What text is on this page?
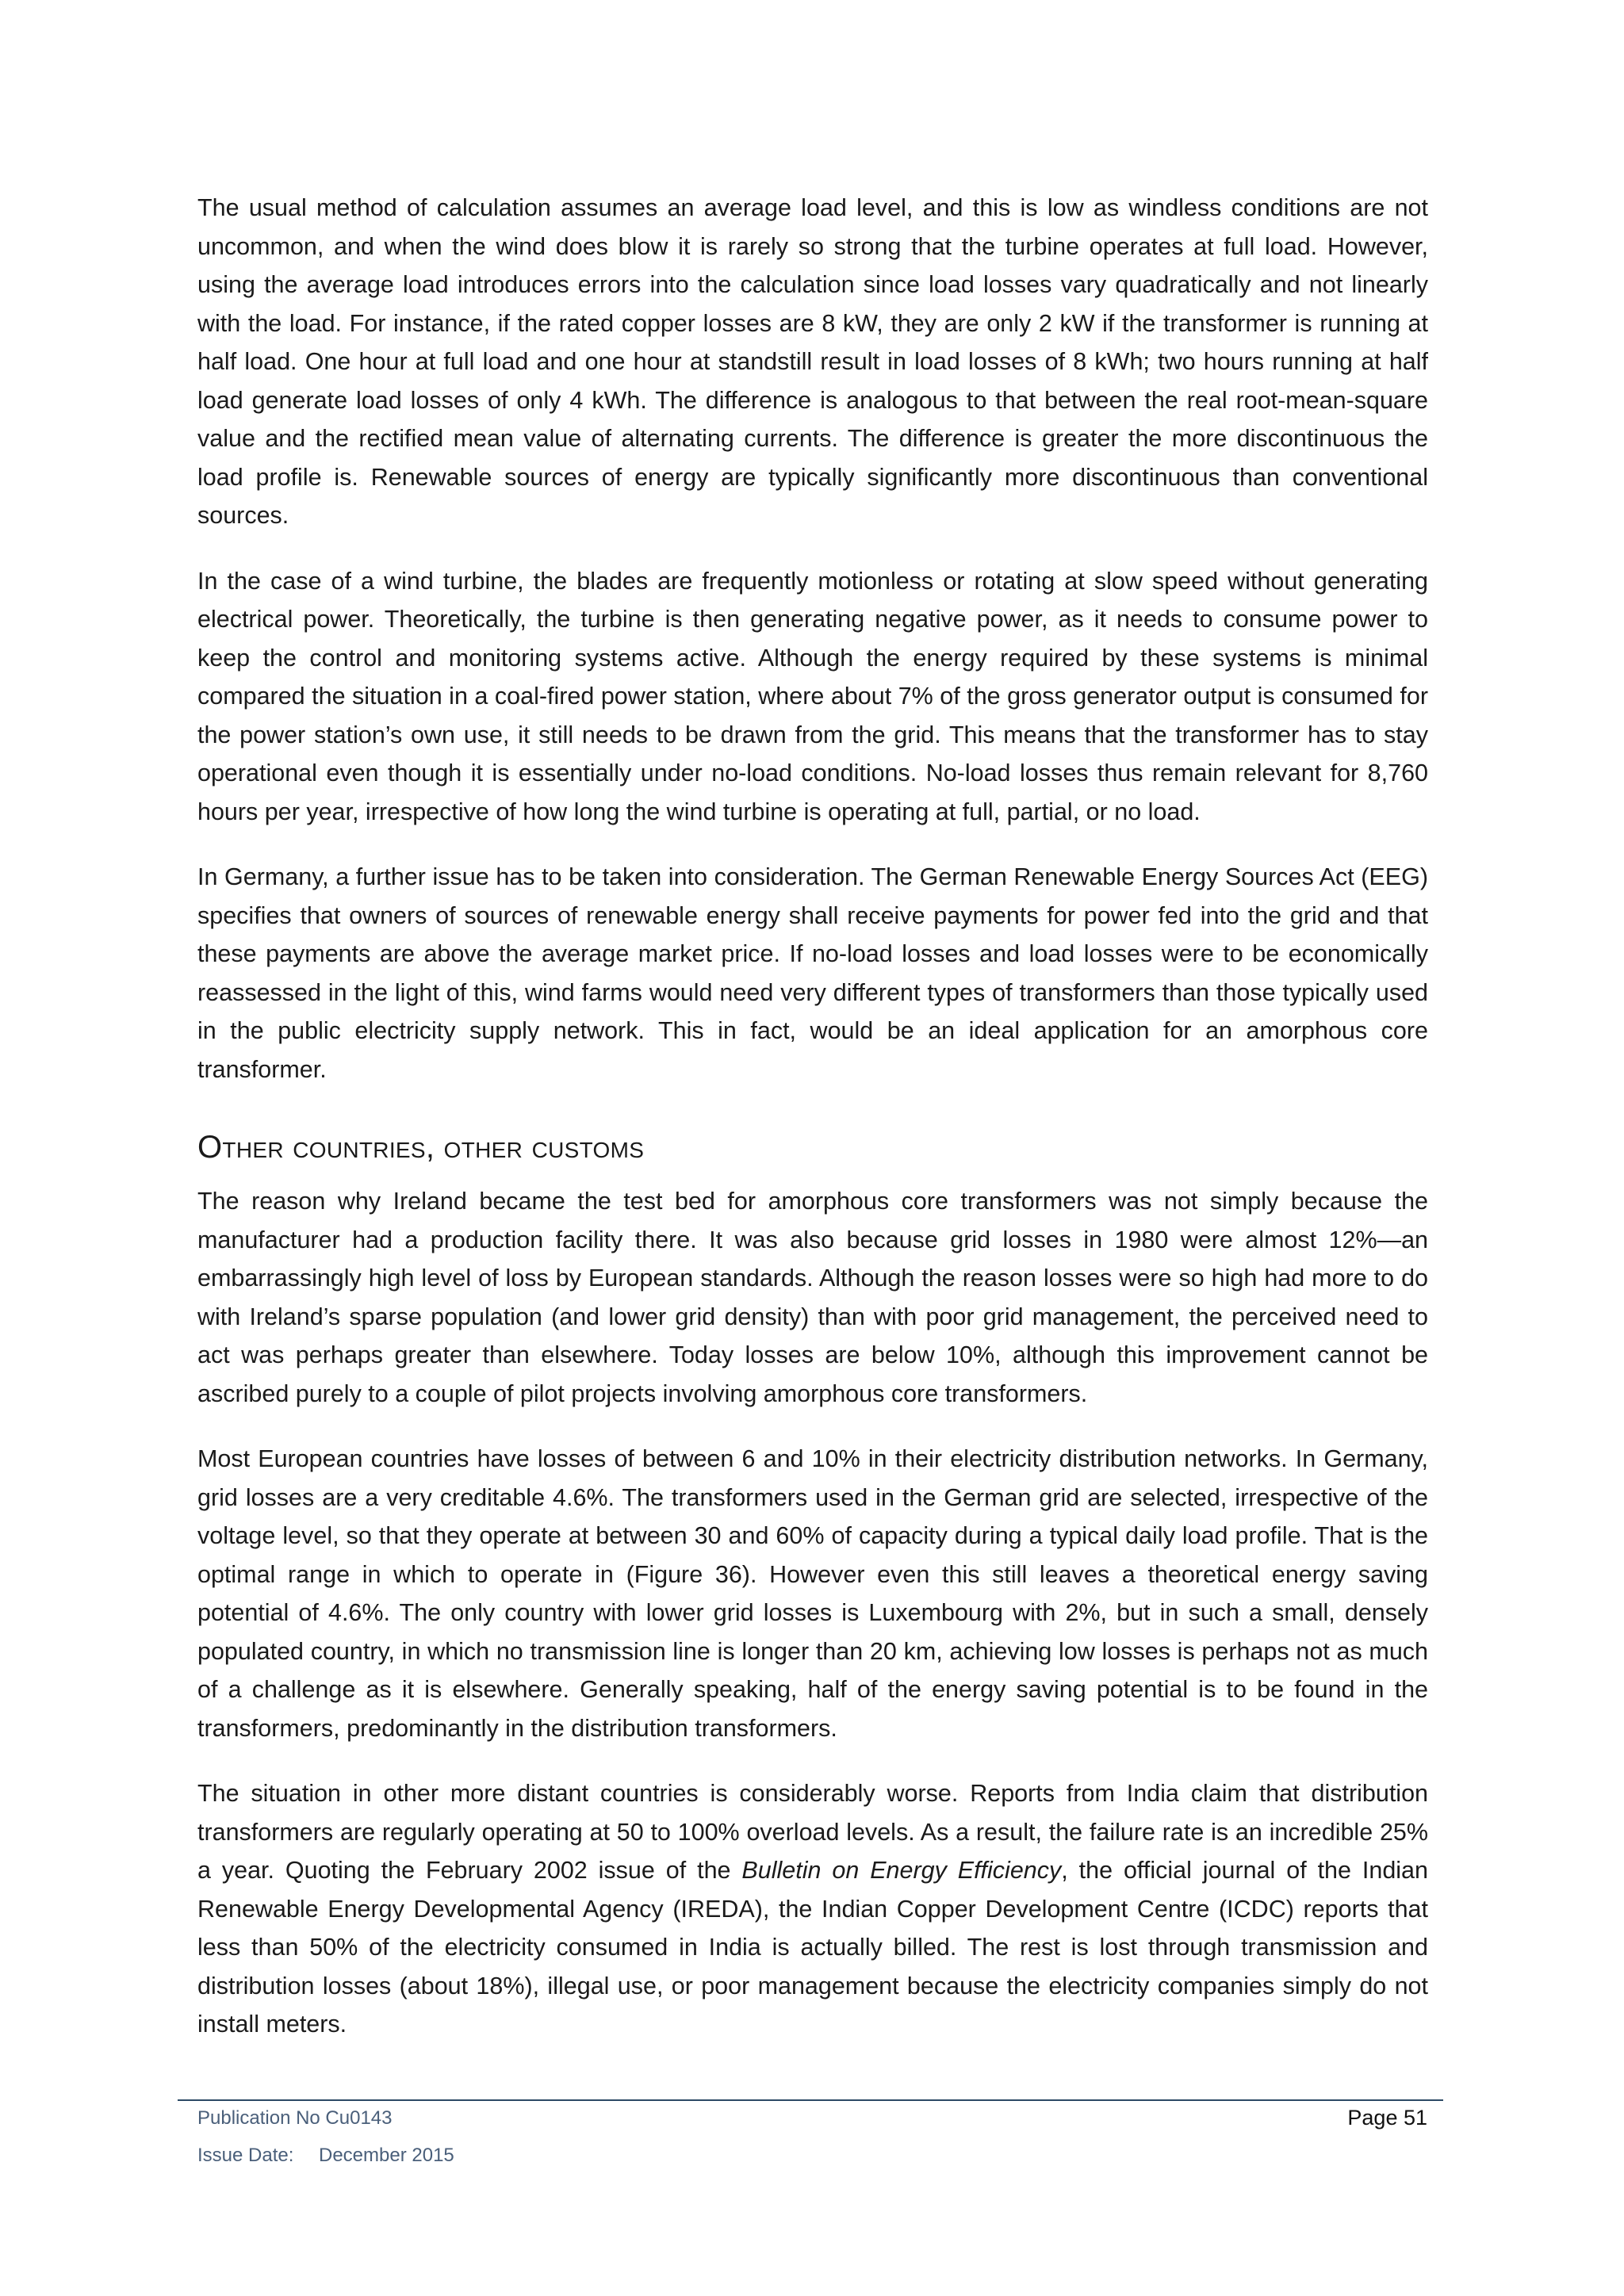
The usual method of calculation assumes an average load level, and this is low as windless conditions are not uncommon, and when the wind does blow it is rarely so strong that the turbine operates at full load. However, using the average load introduces errors into the calculation since load losses vary quadratically and not linearly with the load. For instance, if the rated copper losses are 8 kW, they are only 2 kW if the transformer is running at half load. One hour at full load and one hour at standstill result in load losses of 8 kWh; two hours running at half load generate load losses of only 4 kWh. The difference is analogous to that between the real root-mean-square value and the rectified mean value of alternating currents. The difference is greater the more discontinuous the load profile is. Renewable sources of energy are typically significantly more discontinuous than conventional sources.

In the case of a wind turbine, the blades are frequently motionless or rotating at slow speed without generating electrical power. Theoretically, the turbine is then generating negative power, as it needs to consume power to keep the control and monitoring systems active. Although the energy required by these systems is minimal compared the situation in a coal-fired power station, where about 7% of the gross generator output is consumed for the power station’s own use, it still needs to be drawn from the grid. This means that the transformer has to stay operational even though it is essentially under no-load conditions. No-load losses thus remain relevant for 8,760 hours per year, irrespective of how long the wind turbine is operating at full, partial, or no load.

In Germany, a further issue has to be taken into consideration. The German Renewable Energy Sources Act (EEG) specifies that owners of sources of renewable energy shall receive payments for power fed into the grid and that these payments are above the average market price. If no-load losses and load losses were to be economically reassessed in the light of this, wind farms would need very different types of transformers than those typically used in the public electricity supply network. This in fact, would be an ideal application for an amorphous core transformer.

Other countries, other customs

The reason why Ireland became the test bed for amorphous core transformers was not simply because the manufacturer had a production facility there. It was also because grid losses in 1980 were almost 12%—an embarrassingly high level of loss by European standards. Although the reason losses were so high had more to do with Ireland’s sparse population (and lower grid density) than with poor grid management, the perceived need to act was perhaps greater than elsewhere. Today losses are below 10%, although this improvement cannot be ascribed purely to a couple of pilot projects involving amorphous core transformers.

Most European countries have losses of between 6 and 10% in their electricity distribution networks. In Germany, grid losses are a very creditable 4.6%. The transformers used in the German grid are selected, irrespective of the voltage level, so that they operate at between 30 and 60% of capacity during a typical daily load profile. That is the optimal range in which to operate in (Figure 36). However even this still leaves a theoretical energy saving potential of 4.6%. The only country with lower grid losses is Luxembourg with 2%, but in such a small, densely populated country, in which no transmission line is longer than 20 km, achieving low losses is perhaps not as much of a challenge as it is elsewhere. Generally speaking, half of the energy saving potential is to be found in the transformers, predominantly in the distribution transformers.

The situation in other more distant countries is considerably worse. Reports from India claim that distribution transformers are regularly operating at 50 to 100% overload levels. As a result, the failure rate is an incredible 25% a year. Quoting the February 2002 issue of the Bulletin on Energy Efficiency, the official journal of the Indian Renewable Energy Developmental Agency (IREDA), the Indian Copper Development Centre (ICDC) reports that less than 50% of the electricity consumed in India is actually billed. The rest is lost through transmission and distribution losses (about 18%), illegal use, or poor management because the electricity companies simply do not install meters.

Publication No Cu0143	Page 51
Issue Date: December 2015
